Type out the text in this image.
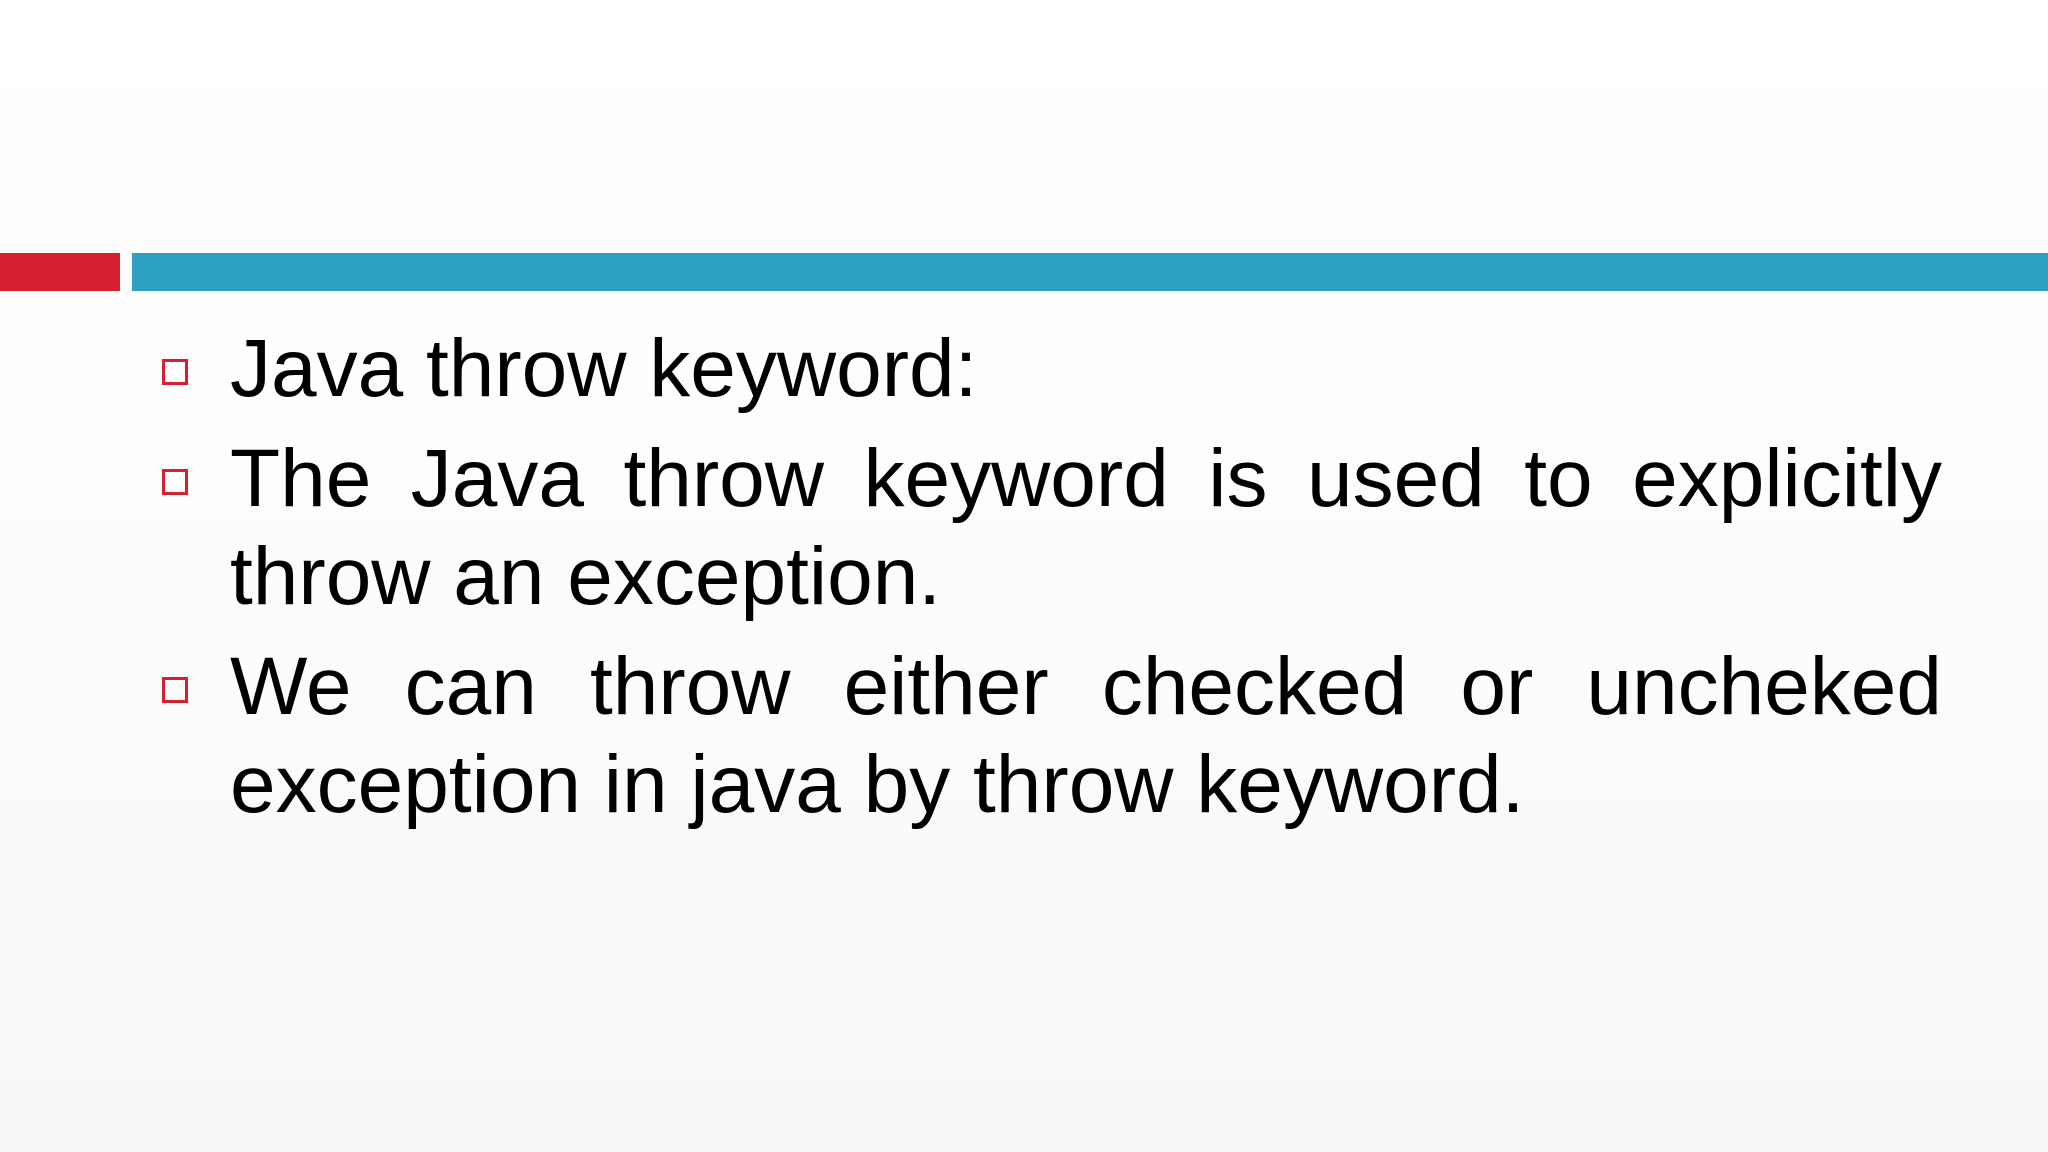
Java throw keyword:
The Java throw keyword is used to explicitly throw an exception.
We can throw either checked or uncheked exception in java by throw keyword.
